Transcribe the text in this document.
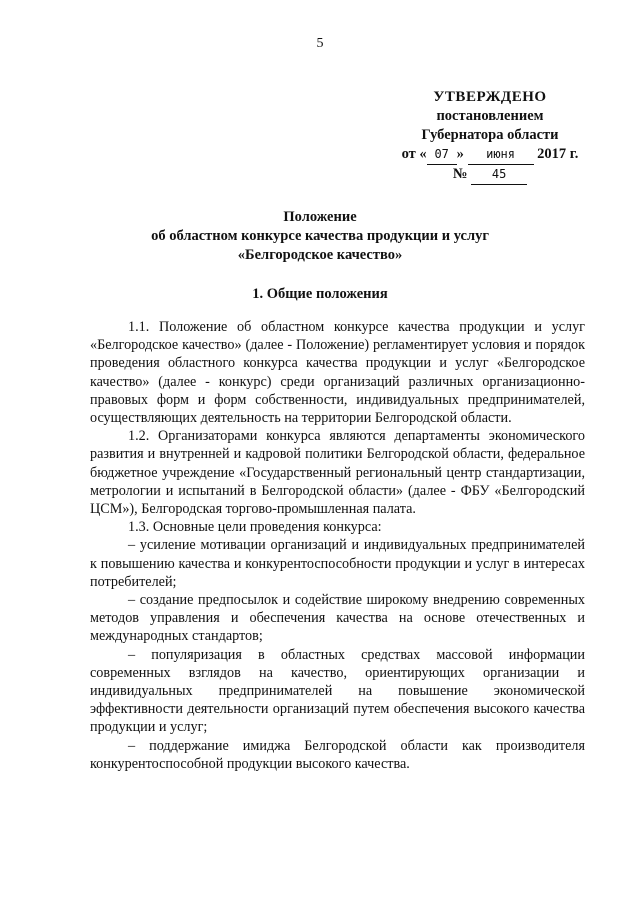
5
УТВЕРЖДЕНО
постановлением
Губернатора области
от « 07 » июня 2017 г.
№ 45
Положение
об областном конкурсе качества продукции и услуг
«Белгородское качество»
1. Общие положения

1.1. Положение об областном конкурсе качества продукции и услуг «Белгородское качество» (далее - Положение) регламентирует условия и порядок проведения областного конкурса качества продукции и услуг «Белгородское качество» (далее - конкурс) среди организаций различных организационно-правовых форм и форм собственности, индивидуальных предпринимателей, осуществляющих деятельность на территории Белгородской области.

1.2. Организаторами конкурса являются департаменты экономического развития и внутренней и кадровой политики Белгородской области, федеральное бюджетное учреждение «Государственный региональный центр стандартизации, метрологии и испытаний в Белгородской области» (далее - ФБУ «Белгородский ЦСМ»), Белгородская торгово-промышленная палата.

1.3. Основные цели проведения конкурса:

– усиление мотивации организаций и индивидуальных предпринимателей к повышению качества и конкурентоспособности продукции и услуг в интересах потребителей;

– создание предпосылок и содействие широкому внедрению современных методов управления и обеспечения качества на основе отечественных и международных стандартов;

– популяризация в областных средствах массовой информации современных взглядов на качество, ориентирующих организации и индивидуальных предпринимателей на повышение экономической эффективности деятельности организаций путем обеспечения высокого качества продукции и услуг;

– поддержание имиджа Белгородской области как производителя конкурентоспособной продукции высокого качества.
